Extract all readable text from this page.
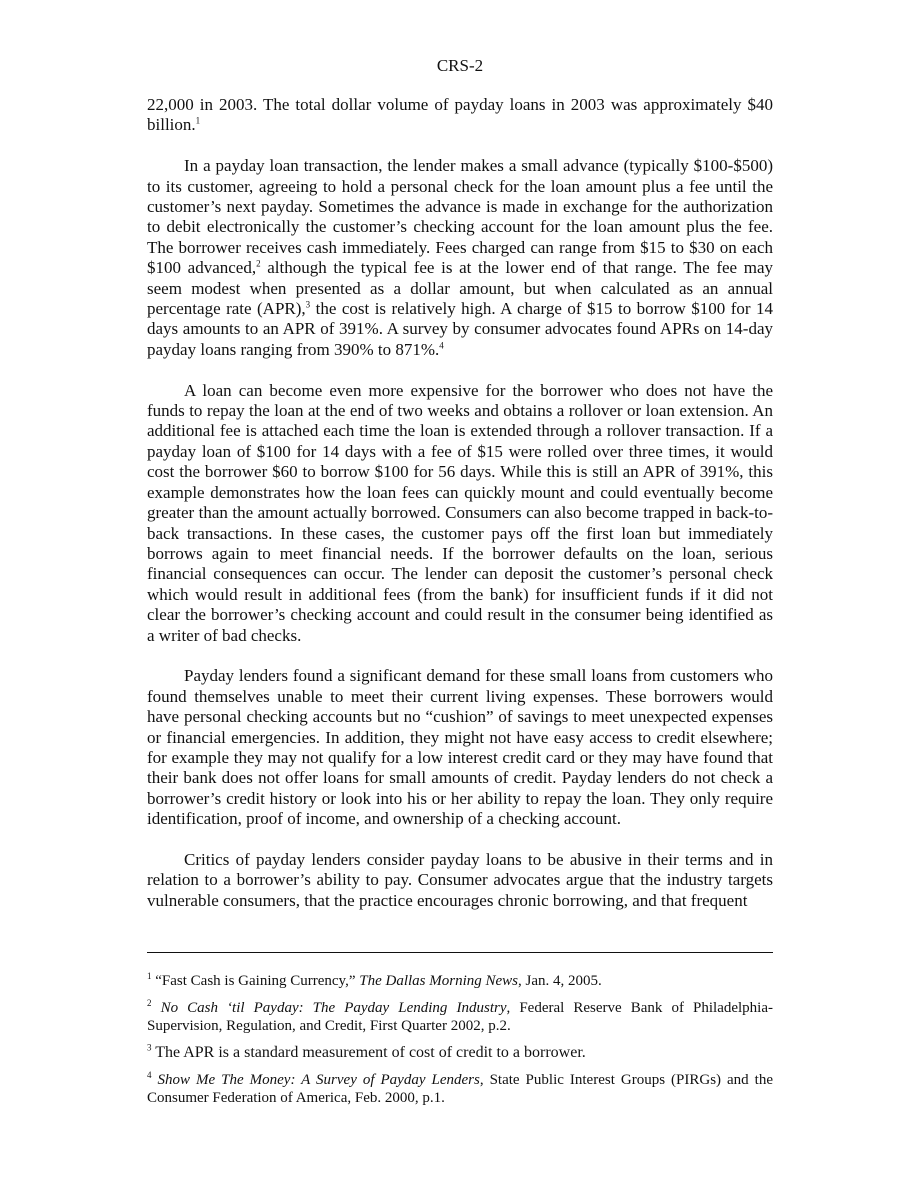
CRS-2

22,000 in 2003. The total dollar volume of payday loans in 2003 was approximately $40 billion.$^1$

In a payday loan transaction, the lender makes a small advance (typically $100-$500) to its customer, agreeing to hold a personal check for the loan amount plus a fee until the customer’s next payday. Sometimes the advance is made in exchange for the authorization to debit electronically the customer’s checking account for the loan amount plus the fee. The borrower receives cash immediately. Fees charged can range from $15 to $30 on each $100 advanced,$^2$ although the typical fee is at the lower end of that range. The fee may seem modest when presented as a dollar amount, but when calculated as an annual percentage rate (APR),$^3$ the cost is relatively high. A charge of $15 to borrow $100 for 14 days amounts to an APR of 391%. A survey by consumer advocates found APRs on 14-day payday loans ranging from 390% to 871%.$^4$

A loan can become even more expensive for the borrower who does not have the funds to repay the loan at the end of two weeks and obtains a rollover or loan extension. An additional fee is attached each time the loan is extended through a rollover transaction. If a payday loan of $100 for 14 days with a fee of $15 were rolled over three times, it would cost the borrower $60 to borrow $100 for 56 days. While this is still an APR of 391%, this example demonstrates how the loan fees can quickly mount and could eventually become greater than the amount actually borrowed. Consumers can also become trapped in back-to-back transactions. In these cases, the customer pays off the first loan but immediately borrows again to meet financial needs. If the borrower defaults on the loan, serious financial consequences can occur. The lender can deposit the customer’s personal check which would result in additional fees (from the bank) for insufficient funds if it did not clear the borrower’s checking account and could result in the consumer being identified as a writer of bad checks.

Payday lenders found a significant demand for these small loans from customers who found themselves unable to meet their current living expenses. These borrowers would have personal checking accounts but no “cushion” of savings to meet unexpected expenses or financial emergencies. In addition, they might not have easy access to credit elsewhere; for example they may not qualify for a low interest credit card or they may have found that their bank does not offer loans for small amounts of credit. Payday lenders do not check a borrower’s credit history or look into his or her ability to repay the loan. They only require identification, proof of income, and ownership of a checking account.

Critics of payday lenders consider payday loans to be abusive in their terms and in relation to a borrower’s ability to pay. Consumer advocates argue that the industry targets vulnerable consumers, that the practice encourages chronic borrowing, and that frequent

$^1$ “Fast Cash is Gaining Currency,” The Dallas Morning News, Jan. 4, 2005.

$^2$ No Cash ‘til Payday: The Payday Lending Industry, Federal Reserve Bank of Philadelphia-Supervision, Regulation, and Credit, First Quarter 2002, p.2.

$^3$ The APR is a standard measurement of cost of credit to a borrower.

$^4$ Show Me The Money: A Survey of Payday Lenders, State Public Interest Groups (PIRGs) and the Consumer Federation of America, Feb. 2000, p.1.
